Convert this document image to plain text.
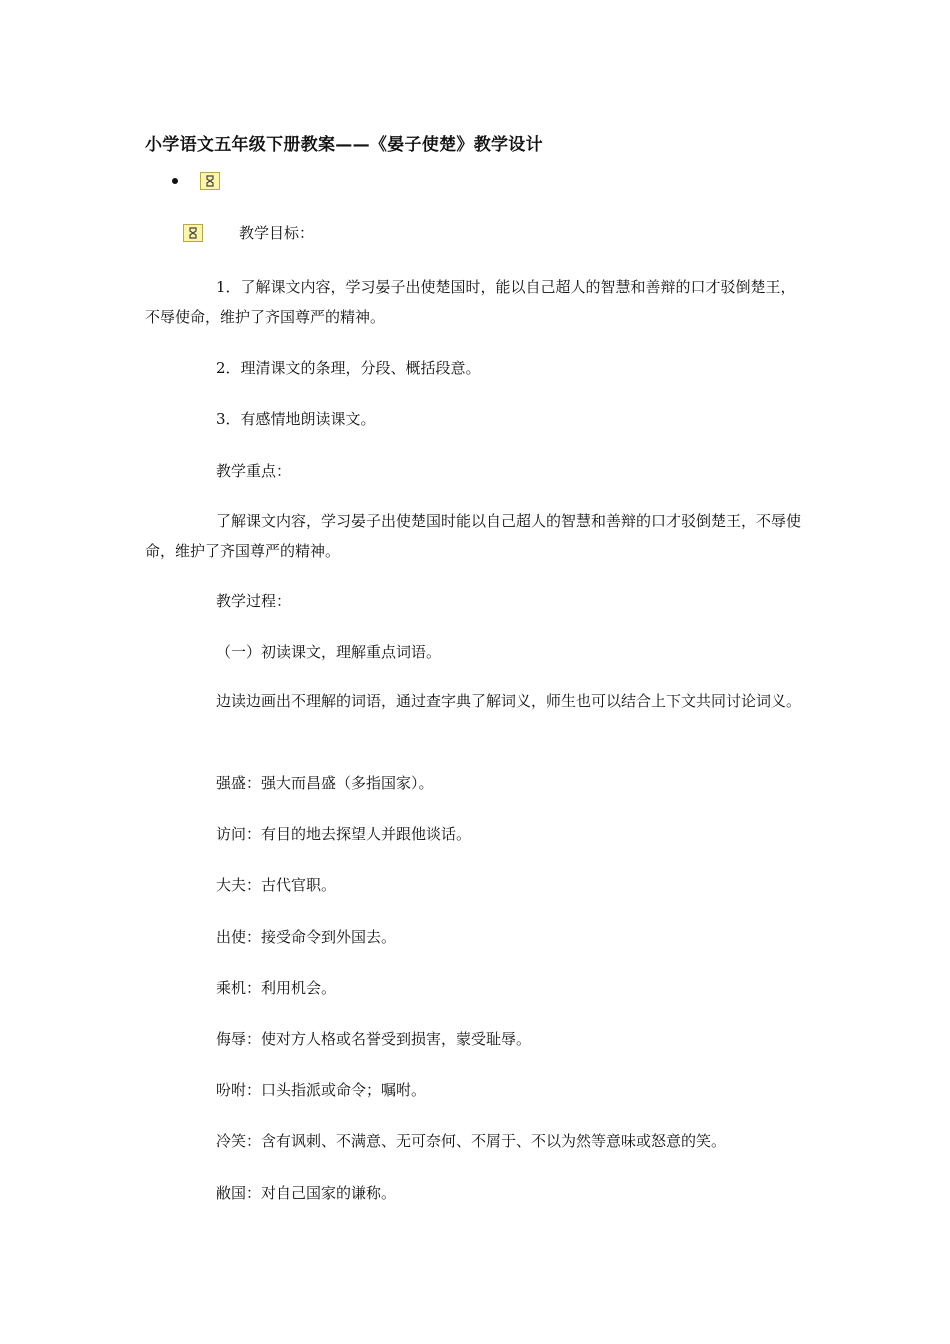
小学语文五年级下册教案——《晏子使楚》教学设计
教学目标：
1．了解课文内容，学习晏子出使楚国时，能以自己超人的智慧和善辩的口才驳倒楚王，不辱使命，维护了齐国尊严的精神。
2．理清课文的条理，分段、概括段意。
3．有感情地朗读课文。
教学重点：
了解课文内容，学习晏子出使楚国时能以自己超人的智慧和善辩的口才驳倒楚王，不辱使命，维护了齐国尊严的精神。
教学过程：
（一）初读课文，理解重点词语。
边读边画出不理解的词语，通过查字典了解词义，师生也可以结合上下文共同讨论词义。
强盛：强大而昌盛（多指国家）。
访问：有目的地去探望人并跟他谈话。
大夫：古代官职。
出使：接受命令到外国去。
乘机：利用机会。
侮辱：使对方人格或名誉受到损害，蒙受耻辱。
吩咐：口头指派或命令；嘱咐。
冷笑：含有讽刺、不满意、无可奈何、不屑于、不以为然等意味或怒意的笑。
敝国：对自己国家的谦称。
